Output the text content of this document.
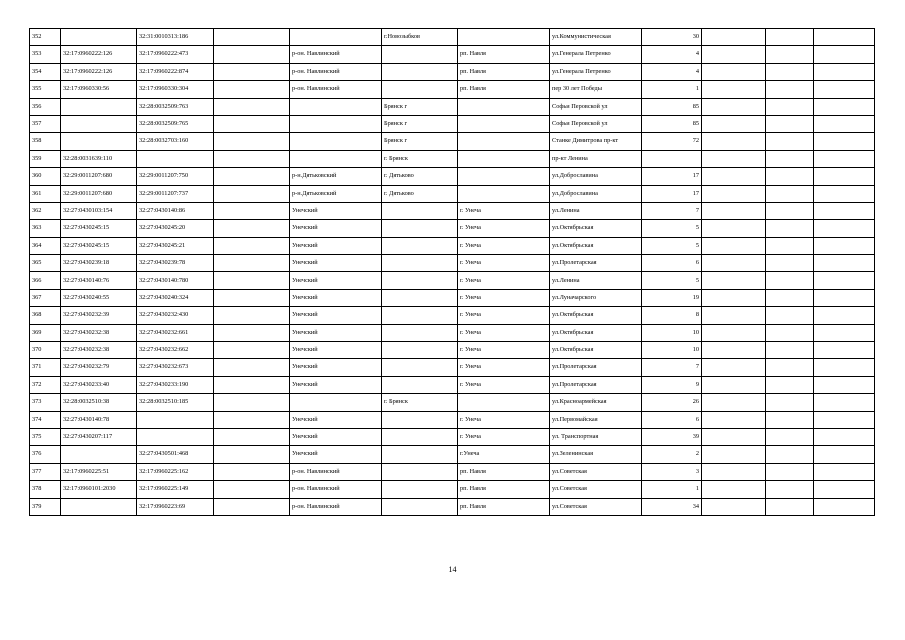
352		32:31:0010313:186			г.Новозыбков		ул.Коммунистическая	30			
353	32:17:0960222:126	32:17:0960222:473		р-он. Навлинский		рп. Навля	ул.Генерала Петренко	4			
354	32:17:0960222:126	32:17:0960222:874		р-он. Навлинский		рп. Навля	ул.Генерала Петренко	4			
355	32:17:0960330:56	32:17:0960330:304		р-он. Навлинский		рп. Навля	пер 30 лет Победы	1			
356		32:28:0032509:763			Брянск г		Софьи Перовской ул	85			
357		32:28:0032509:765			Брянск г		Софьи Перовской ул	85			
358		32:28:0032703:160			Брянск г		Станке Димитрова пр-кт	72			
359	32:28:0031639:110				г. Брянск		пр-кт Ленина				
360	32:29:0011207:680	32:29:0011207:750		р-н.Дятьковский	г. Дятьково		ул.Доброславина	17			
361	32:29:0011207:680	32:29:0011207:737		р-н.Дятьковский	г. Дятьково		ул.Доброславина	17			
362	32:27:0430103:154	32:27:0430140:86		Унечский		г. Унеча	ул.Ленина	7			
363	32:27:0430245:15	32:27:0430245:20		Унечский		г. Унеча	ул.Октябрьская	5			
364	32:27:0430245:15	32:27:0430245:21		Унечский		г. Унеча	ул.Октябрьская	5			
365	32:27:0430239:18	32:27:0430239:78		Унечский		г. Унеча	ул.Пролетарская	6			
366	32:27:0430140:76	32:27:0430140:780		Унечский		г. Унеча	ул.Ленина	5			
367	32:27:0430240:55	32:27:0430240:324		Унечский		г. Унеча	ул.Луначарского	19			
368	32:27:0430232:39	32:27:0430232:430		Унечский		г. Унеча	ул.Октябрьская	8			
369	32:27:0430232:38	32:27:0430232:661		Унечский		г. Унеча	ул.Октябрьская	10			
370	32:27:0430232:38	32:27:0430232:662		Унечский		г. Унеча	ул.Октябрьская	10			
371	32:27:0430232:79	32:27:0430232:673		Унечский		г. Унеча	ул.Пролетарская	7			
372	32:27:0430233:40	32:27:0430233:190		Унечский		г. Унеча	ул.Пролетарская	9			
373	32:28:0032510:38	32:28:0032510:185			г. Брянск		ул.Красноармейская	26			
374	32:27:0430140:78			Унечский		г. Унеча	ул.Первомайская	6			
375	32:27:0430207:117			Унечский		г. Унеча	ул. Транспортная	39			
376		32:27:0430501:468		Унечский		г.Унеча	ул.Зеленинская	2			
377	32:17:0960225:51	32:17:0960225:162		р-он. Навлинский		рп. Навля	ул.Советская	3			
378	32:17:0960101:2030	32:17:0960225:149		р-он. Навлинский		рп. Навля	ул.Советская	1			
379		32:17:0960223:69		р-он. Навлинский		рп. Навля	ул.Советская	34			
14
